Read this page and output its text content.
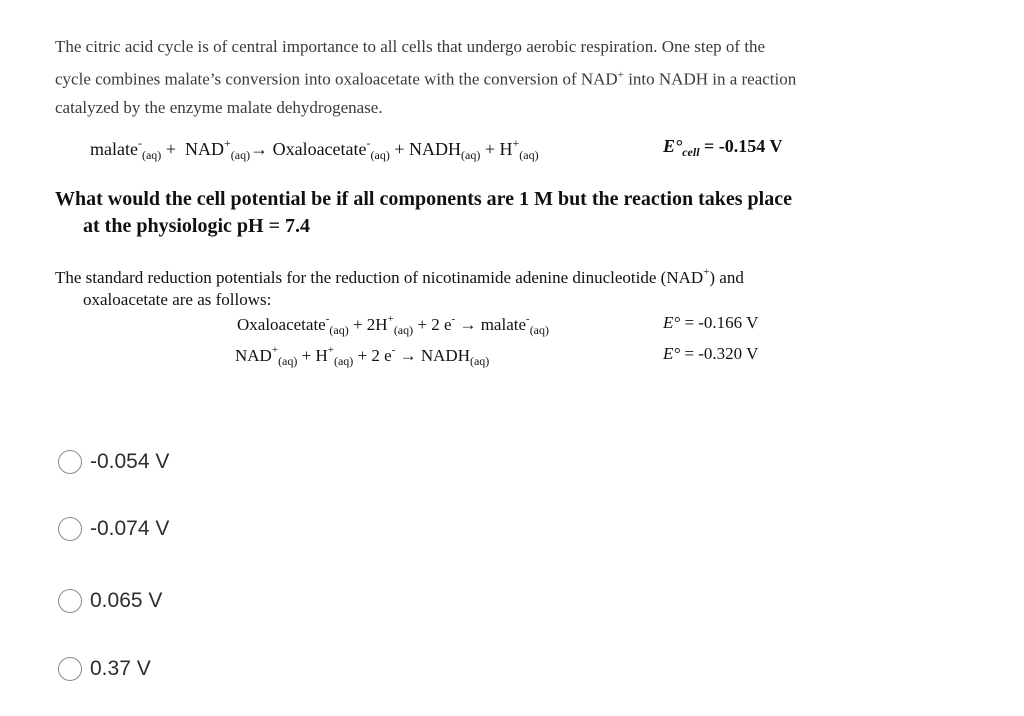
The citric acid cycle is of central importance to all cells that undergo aerobic respiration. One step of the

cycle combines malate’s conversion into oxaloacetate with the conversion of NAD+ into NADH in a reaction

catalyzed by the enzyme malate dehydrogenase.

malate-$_{(aq)}$ + $NAD^+_{(aq)}\to$ Oxaloacetate-$_{(aq)}$ + $NADH_{(aq)} + H^+_{(aq)}$	$E^\circ_{cell} = -0.154$ V
What would the cell potential be if all components are 1 M but the reaction takes place
at the physiologic pH = 7.4
The standard reduction potentials for the reduction of nicotinamide adenine dinucleotide (NAD+) and
oxaloacetate are as follows:
Oxaloacetate-$_{(aq)}$ + $2H^+_{(aq)} + 2$ e- → malate-$_{(aq)}$	E° = -0.166 V
$NAD^+_{(aq)} + H^+_{(aq)} + 2$ $e^- \to NADH_{(aq)}$	E° = -0.320 V
-0.054 V
-0.074 V
0.065 V
0.37 V
